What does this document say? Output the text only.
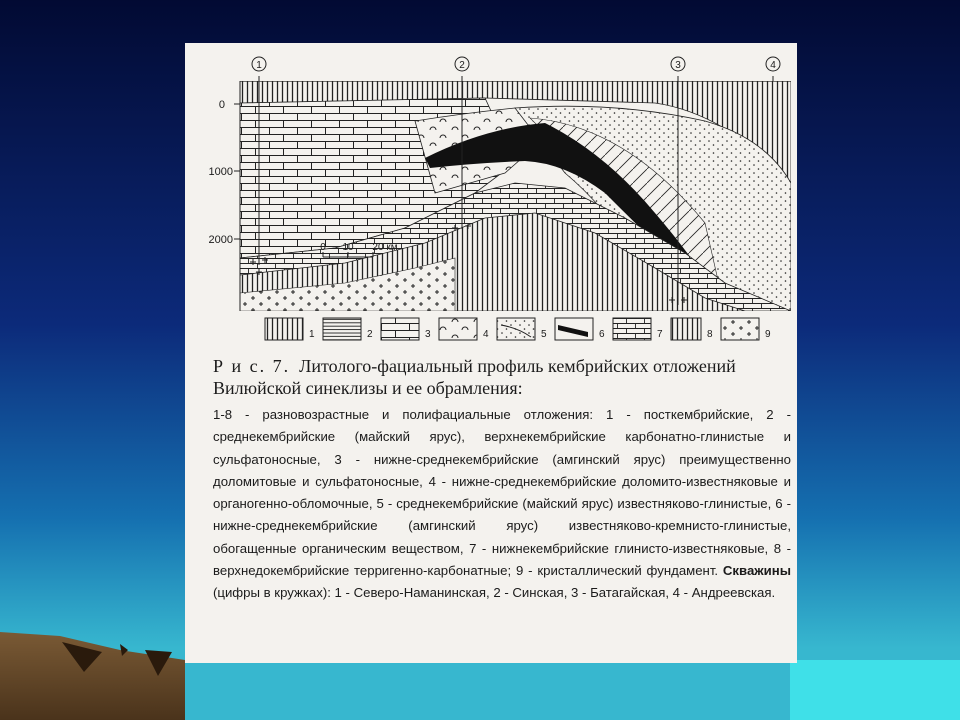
0
1000
2000
1	2	3	4
0 10 20 км
1	2	3	4	5	6	7	8	9

Р и с. 7. Литолого-фациальный профиль кембрийских отложений Вилюйской синеклизы и ее обрамления:

1-8 - разновозрастные и полифациальные отложения: 1 - посткембрийские, 2 - среднекембрийские (майский ярус), верхнекембрийские карбонатно-глинистые и сульфатоносные, 3 - нижне-среднекембрийские (амгинский ярус) преимущественно доломитовые и сульфатоносные, 4 - нижне-среднекембрийские доломито-известняковые и органогенно-обломочные, 5 - среднекембрийские (майский ярус) известняково-глинистые, 6 - нижне-среднекембрийские (амгинский ярус) известняково-кремнисто-глинистые, обогащенные органическим веществом, 7 - нижнекембрийские глинисто-известняковые, 8 - верхнедокембрийские терригенно-карбонатные; 9 - кристаллический фундамент. Скважины (цифры в кружках): 1 - Северо-Наманинская, 2 - Синская, 3 - Батагайская, 4 - Андреевская.
